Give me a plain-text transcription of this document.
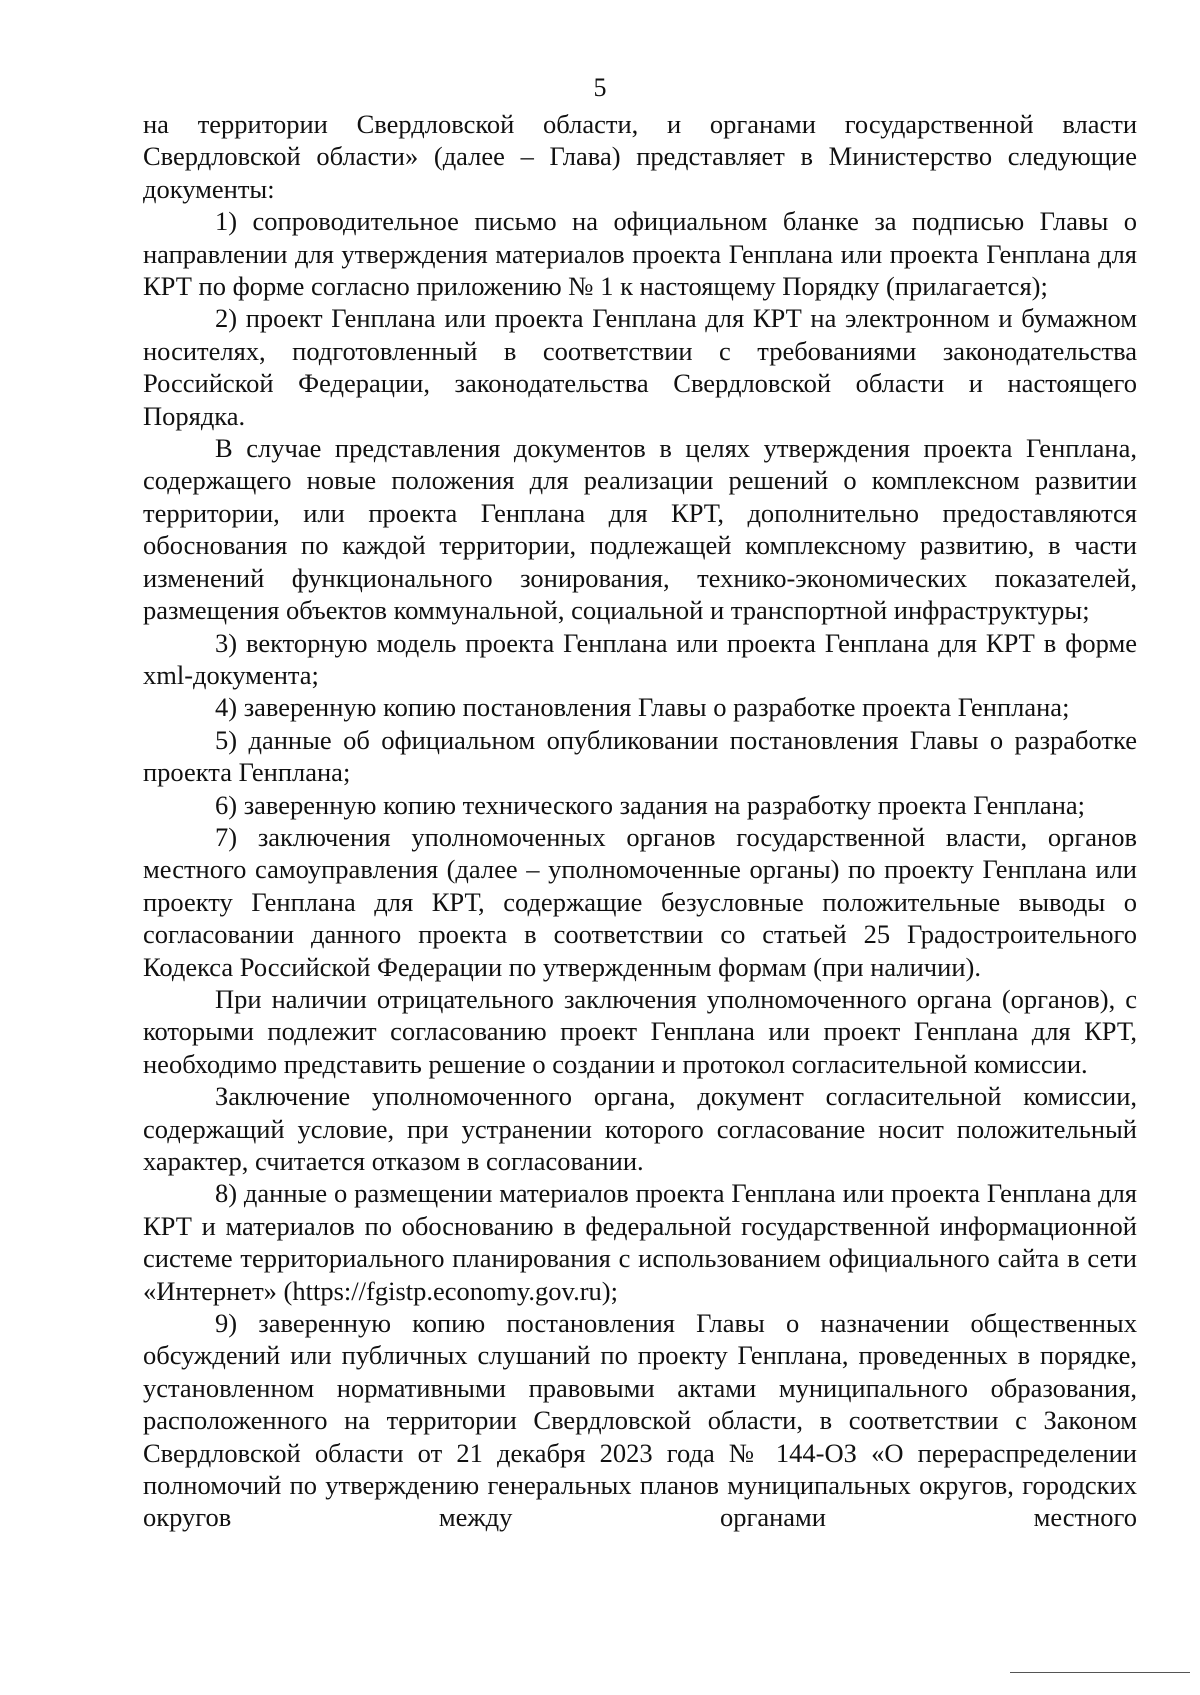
5

на территории Свердловской области, и органами государственной власти Свердловской области» (далее – Глава) представляет в Министерство следующие документы:

1) сопроводительное письмо на официальном бланке за подписью Главы о направлении для утверждения материалов проекта Генплана или проекта Генплана для КРТ по форме согласно приложению № 1 к настоящему Порядку (прилагается);

2) проект Генплана или проекта Генплана для КРТ на электронном и бумажном носителях, подготовленный в соответствии с требованиями законодательства Российской Федерации, законодательства Свердловской области и настоящего Порядка.

В случае представления документов в целях утверждения проекта Генплана, содержащего новые положения для реализации решений о комплексном развитии территории, или проекта Генплана для КРТ, дополнительно предоставляются обоснования по каждой территории, подлежащей комплексному развитию, в части изменений функционального зонирования, технико-экономических показателей, размещения объектов коммунальной, социальной и транспортной инфраструктуры;

3) векторную модель проекта Генплана или проекта Генплана для КРТ в форме xml-документа;

4) заверенную копию постановления Главы о разработке проекта Генплана;

5) данные об официальном опубликовании постановления Главы о разработке проекта Генплана;

6) заверенную копию технического задания на разработку проекта Генплана;

7) заключения уполномоченных органов государственной власти, органов местного самоуправления (далее – уполномоченные органы) по проекту Генплана или проекту Генплана для КРТ, содержащие безусловные положительные выводы о согласовании данного проекта в соответствии со статьей 25 Градостроительного Кодекса Российской Федерации по утвержденным формам (при наличии).

При наличии отрицательного заключения уполномоченного органа (органов), с которыми подлежит согласованию проект Генплана или проект Генплана для КРТ, необходимо представить решение о создании и протокол согласительной комиссии.

Заключение уполномоченного органа, документ согласительной комиссии, содержащий условие, при устранении которого согласование носит положительный характер, считается отказом в согласовании.

8) данные о размещении материалов проекта Генплана или проекта Генплана для КРТ и материалов по обоснованию в федеральной государственной информационной системе территориального планирования с использованием официального сайта в сети «Интернет» (https://fgistp.economy.gov.ru);

9) заверенную копию постановления Главы о назначении общественных обсуждений или публичных слушаний по проекту Генплана, проведенных в порядке, установленном нормативными правовыми актами муниципального образования, расположенного на территории Свердловской области, в соответствии с Законом Свердловской области от 21 декабря 2023 года № 144-ОЗ «О перераспределении полномочий по утверждению генеральных планов муниципальных округов, городских округов между органами местного
